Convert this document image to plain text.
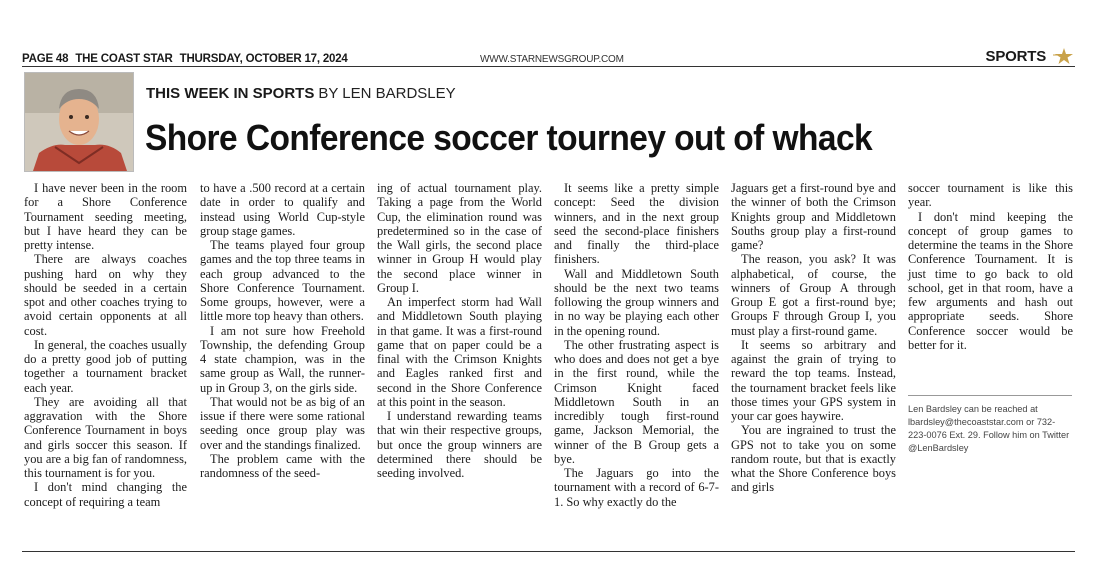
PAGE 48 THE COAST STAR THURSDAY, OCTOBER 17, 2024	WWW.STARNEWSGROUP.COM	SPORTS
THIS WEEK IN SPORTS BY LEN BARDSLEY
Shore Conference soccer tourney out of whack

I have never been in the room for a Shore Conference Tournament seeding meeting, but I have heard they can be pretty intense.

There are always coaches pushing hard on why they should be seeded in a certain spot and other coaches trying to avoid certain opponents at all cost.

In general, the coaches usually do a pretty good job of putting together a tournament bracket each year.

They are avoiding all that aggravation with the Shore Conference Tournament in boys and girls soccer this season. If you are a big fan of randomness, this tournament is for you.

I don't mind changing the concept of requiring a team

to have a .500 record at a certain date in order to qualify and instead using World Cup-style group stage games.

The teams played four group games and the top three teams in each group advanced to the Shore Conference Tournament. Some groups, however, were a little more top heavy than others.

I am not sure how Freehold Township, the defending Group 4 state champion, was in the same group as Wall, the runner-up in Group 3, on the girls side.

That would not be as big of an issue if there were some rational seeding once group play was over and the standings finalized.

The problem came with the randomness of the seed-

ing of actual tournament play. Taking a page from the World Cup, the elimination round was predetermined so in the case of the Wall girls, the second place winner in Group H would play the second place winner in Group I.

An imperfect storm had Wall and Middletown South playing in that game. It was a first-round game that on paper could be a final with the Crimson Knights and Eagles ranked first and second in the Shore Conference at this point in the season.

I understand rewarding teams that win their respective groups, but once the group winners are determined there should be seeding involved.

It seems like a pretty simple concept: Seed the division winners, and in the next group seed the second-place finishers and finally the third-place finishers.

Wall and Middletown South should be the next two teams following the group winners and in no way be playing each other in the opening round.

The other frustrating aspect is who does and does not get a bye in the first round, while the Crimson Knight faced Middletown South in an incredibly tough first-round game, Jackson Memorial, the winner of the B Group gets a bye.

The Jaguars go into the tournament with a record of 6-7-1. So why exactly do the

Jaguars get a first-round bye and the winner of both the Crimson Knights group and Middletown Souths group play a first-round game?

The reason, you ask? It was alphabetical, of course, the winners of Group A through Group E got a first-round bye; Groups F through Group I, you must play a first-round game.

It seems so arbitrary and against the grain of trying to reward the top teams. Instead, the tournament bracket feels like those times your GPS system in your car goes haywire.

You are ingrained to trust the GPS not to take you on some random route, but that is exactly what the Shore Conference boys and girls

soccer tournament is like this year.

I don't mind keeping the concept of group games to determine the teams in the Shore Conference Tournament. It is just time to go back to old school, get in that room, have a few arguments and hash out appropriate seeds. Shore Conference soccer would be better for it.

Len Bardsley can be reached at lbardsley@thecoaststar.com or 732-223-0076 Ext. 29. Follow him on Twitter @LenBardsley
